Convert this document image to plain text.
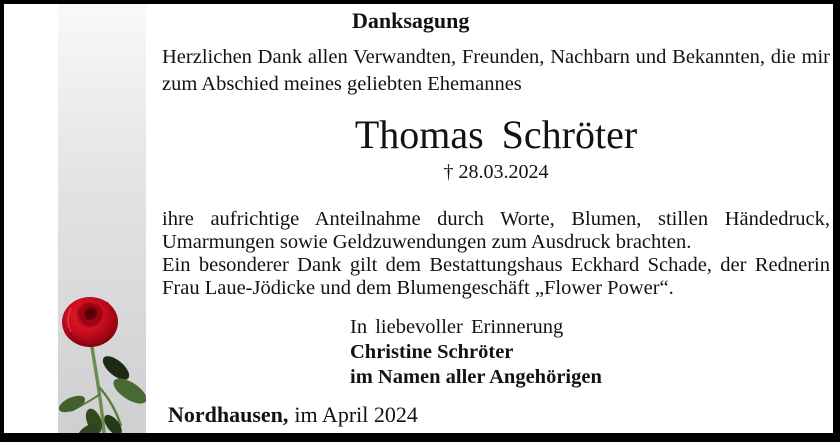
Danksagung
Herzlichen Dank allen Verwandten, Freunden, Nachbarn und Bekannten, die mir
zum Abschied meines geliebten Ehemannes
Thomas Schröter
† 28.03.2024
ihre aufrichtige Anteilnahme durch Worte, Blumen, stillen Händedruck,
Umarmungen sowie Geldzuwendungen zum Ausdruck brachten.
Ein besonderer Dank gilt dem Bestattungshaus Eckhard Schade, der Rednerin
Frau Laue-Jödicke und dem Blumengeschäft „Flower Power“.
In liebevoller Erinnerung
Christine Schröter
im Namen aller Angehörigen
Nordhausen, im April 2024
